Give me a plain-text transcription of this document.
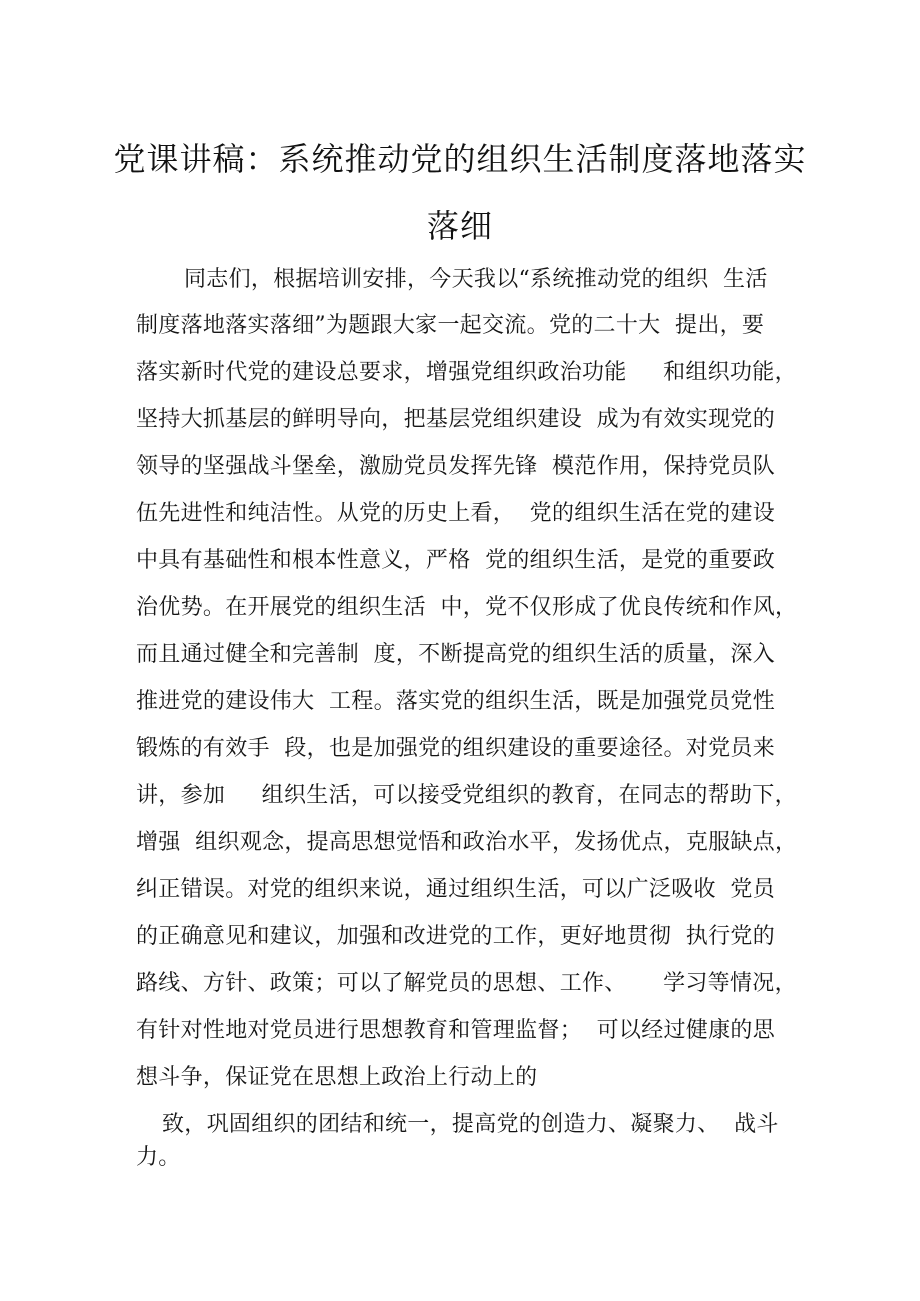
党课讲稿：系统推动党的组织生活制度落地落实
落细
同志们，根据培训安排，今天我以“系统推动党的组织  生活
制度落地落实落细”为题跟大家一起交流。党的二十大  提出，要
落实新时代党的建设总要求，增强党组织政治功能     和组织功能，
坚持大抓基层的鲜明导向，把基层党组织建设  成为有效实现党的
领导的坚强战斗堡垒，激励党员发挥先锋  模范作用，保持党员队
伍先进性和纯洁性。从党的历史上看，  党的组织生活在党的建设
中具有基础性和根本性意义，严格  党的组织生活，是党的重要政
治优势。在开展党的组织生活  中，党不仅形成了优良传统和作风，
而且通过健全和完善制  度，不断提高党的组织生活的质量，深入
推进党的建设伟大  工程。落实党的组织生活，既是加强党员党性
锻炼的有效手  段，也是加强党的组织建设的重要途径。对党员来
讲，参加     组织生活，可以接受党组织的教育，在同志的帮助下，
增强  组织观念，提高思想觉悟和政治水平，发扬优点，克服缺点，
纠正错误。对党的组织来说，通过组织生活，可以广泛吸收  党员
的正确意见和建议，加强和改进党的工作，更好地贯彻  执行党的
路线、方针、政策；可以了解党员的思想、工作、     学习等情况，
有针对性地对党员进行思想教育和管理监督；  可以经过健康的思
想斗争，保证党在思想上政治上行动上的
致，巩固组织的团结和统一，提高党的创造力、凝聚力、  战斗
力。
